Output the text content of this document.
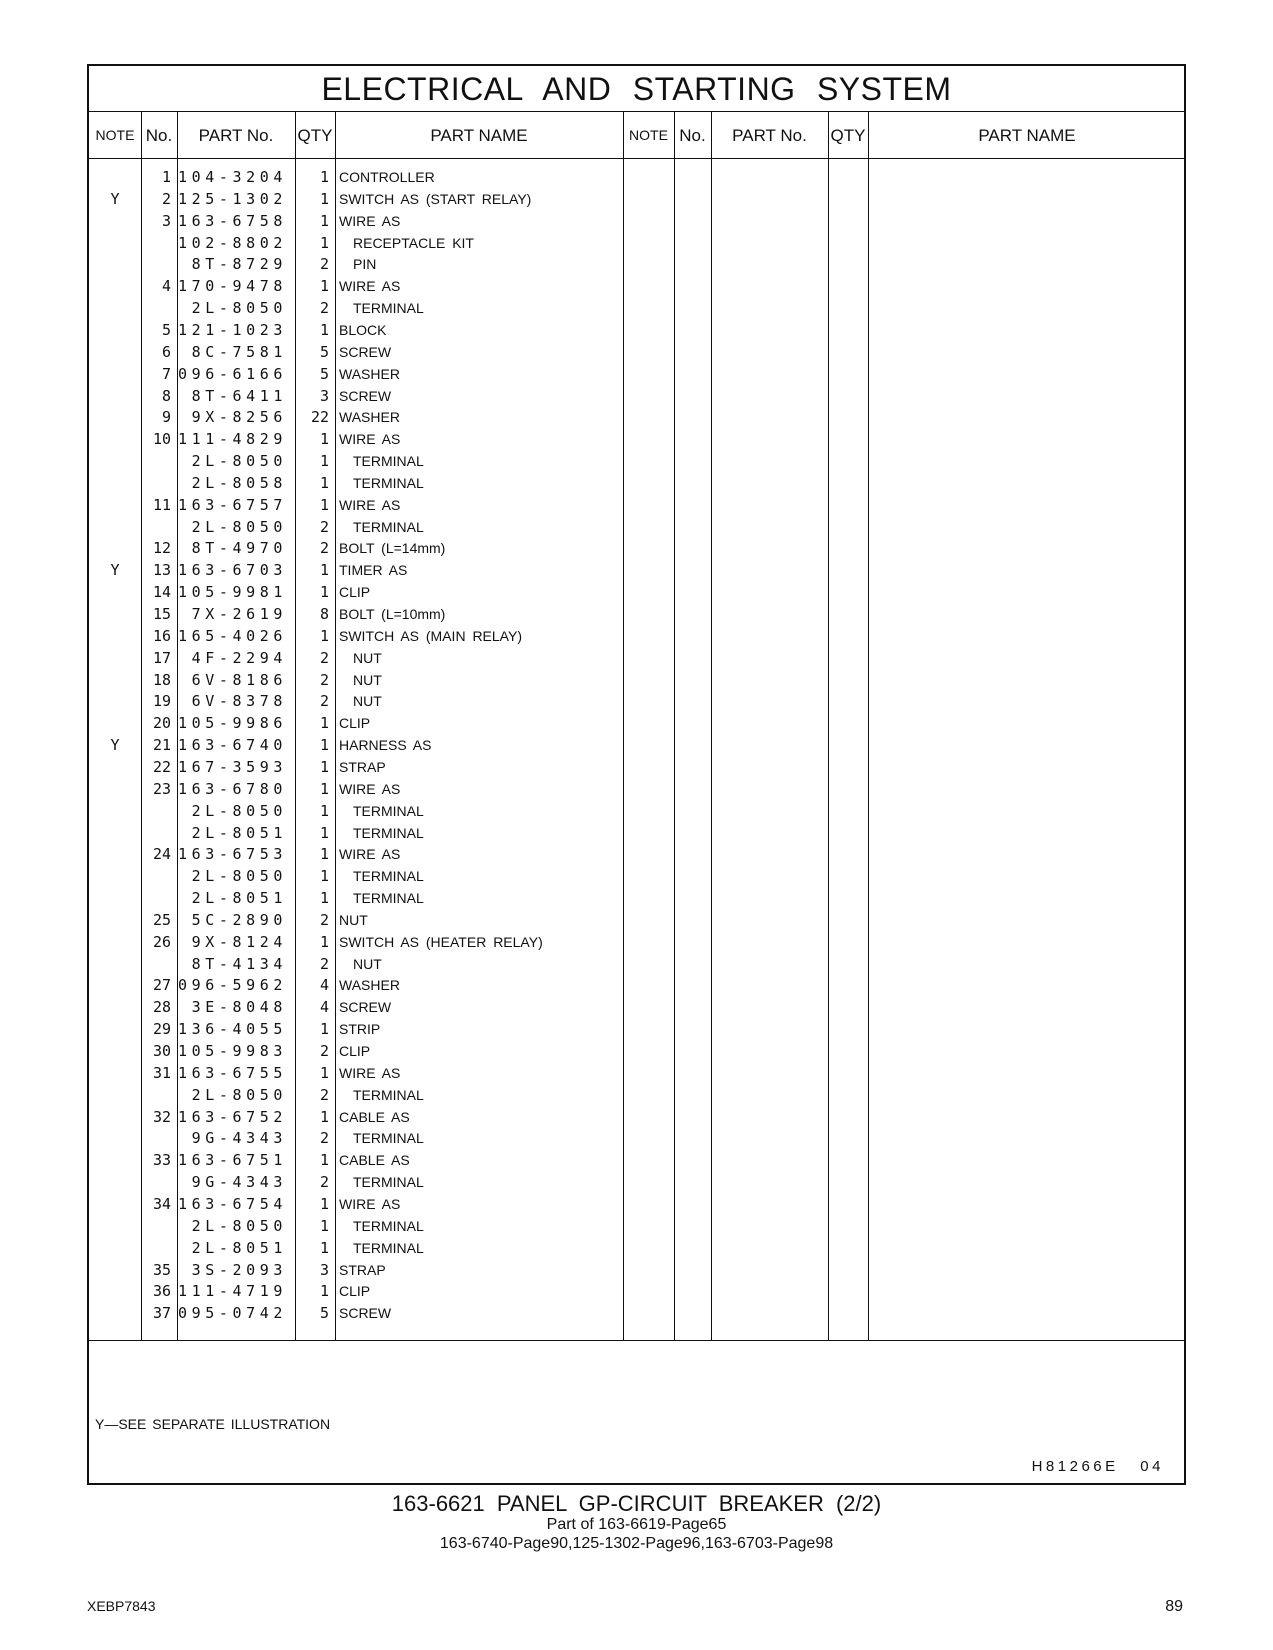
ELECTRICAL AND STARTING SYSTEM
NOTE No.	PART No.	QTY	PART NAME	NOTE No.	PART No.	QTY	PART NAME
1 104-3204	1 CONTROLLER
Y	2 125-1302	1 SWITCH AS (START RELAY)
3 163-6758	1 WIRE AS
102-8802	1 RECEPTACLE KIT
8T-8729	2 PIN
4 170-9478	1 WIRE AS
2L-8050	2 TERMINAL
5 121-1023	1 BLOCK
6	8C-7581	5 SCREW
7 096-6166	5 WASHER
8	8T-6411	3 SCREW
9	9X-8256	22 WASHER
10 111-4829	1 WIRE AS
2L-8050	1 TERMINAL
2L-8058	1 TERMINAL
11 163-6757	1 WIRE AS
2L-8050	2 TERMINAL
12	8T-4970	2 BOLT (L=14mm)
Y	13 163-6703	1 TIMER AS
14 105-9981	1 CLIP
15	7X-2619	8 BOLT (L=10mm)
16 165-4026	1 SWITCH AS (MAIN RELAY)
17	4F-2294	2 NUT
18	6V-8186	2 NUT
19	6V-8378	2 NUT
20 105-9986	1 CLIP
Y	21 163-6740	1 HARNESS AS
22 167-3593	1 STRAP
23 163-6780	1 WIRE AS
2L-8050	1 TERMINAL
2L-8051	1 TERMINAL
24 163-6753	1 WIRE AS
2L-8050	1 TERMINAL
2L-8051	1 TERMINAL
25	5C-2890	2 NUT
26	9X-8124	1 SWITCH AS (HEATER RELAY)
8T-4134	2 NUT
27 096-5962	4 WASHER
28	3E-8048	4 SCREW
29 136-4055	1 STRIP
30 105-9983	2 CLIP
31 163-6755	1 WIRE AS
2L-8050	2 TERMINAL
32 163-6752	1 CABLE AS
9G-4343	2 TERMINAL
33 163-6751	1 CABLE AS
9G-4343	2 TERMINAL
34 163-6754	1 WIRE AS
2L-8050	1 TERMINAL
2L-8051	1 TERMINAL
35	3S-2093	3 STRAP
36 111-4719	1 CLIP
37 095-0742	5 SCREW
Y—SEE SEPARATE ILLUSTRATION
H81266E 04
163-6621 PANEL GP-CIRCUIT BREAKER (2/2)
Part of 163-6619-Page65
163-6740-Page90,125-1302-Page96,163-6703-Page98
XEBP7843	89
